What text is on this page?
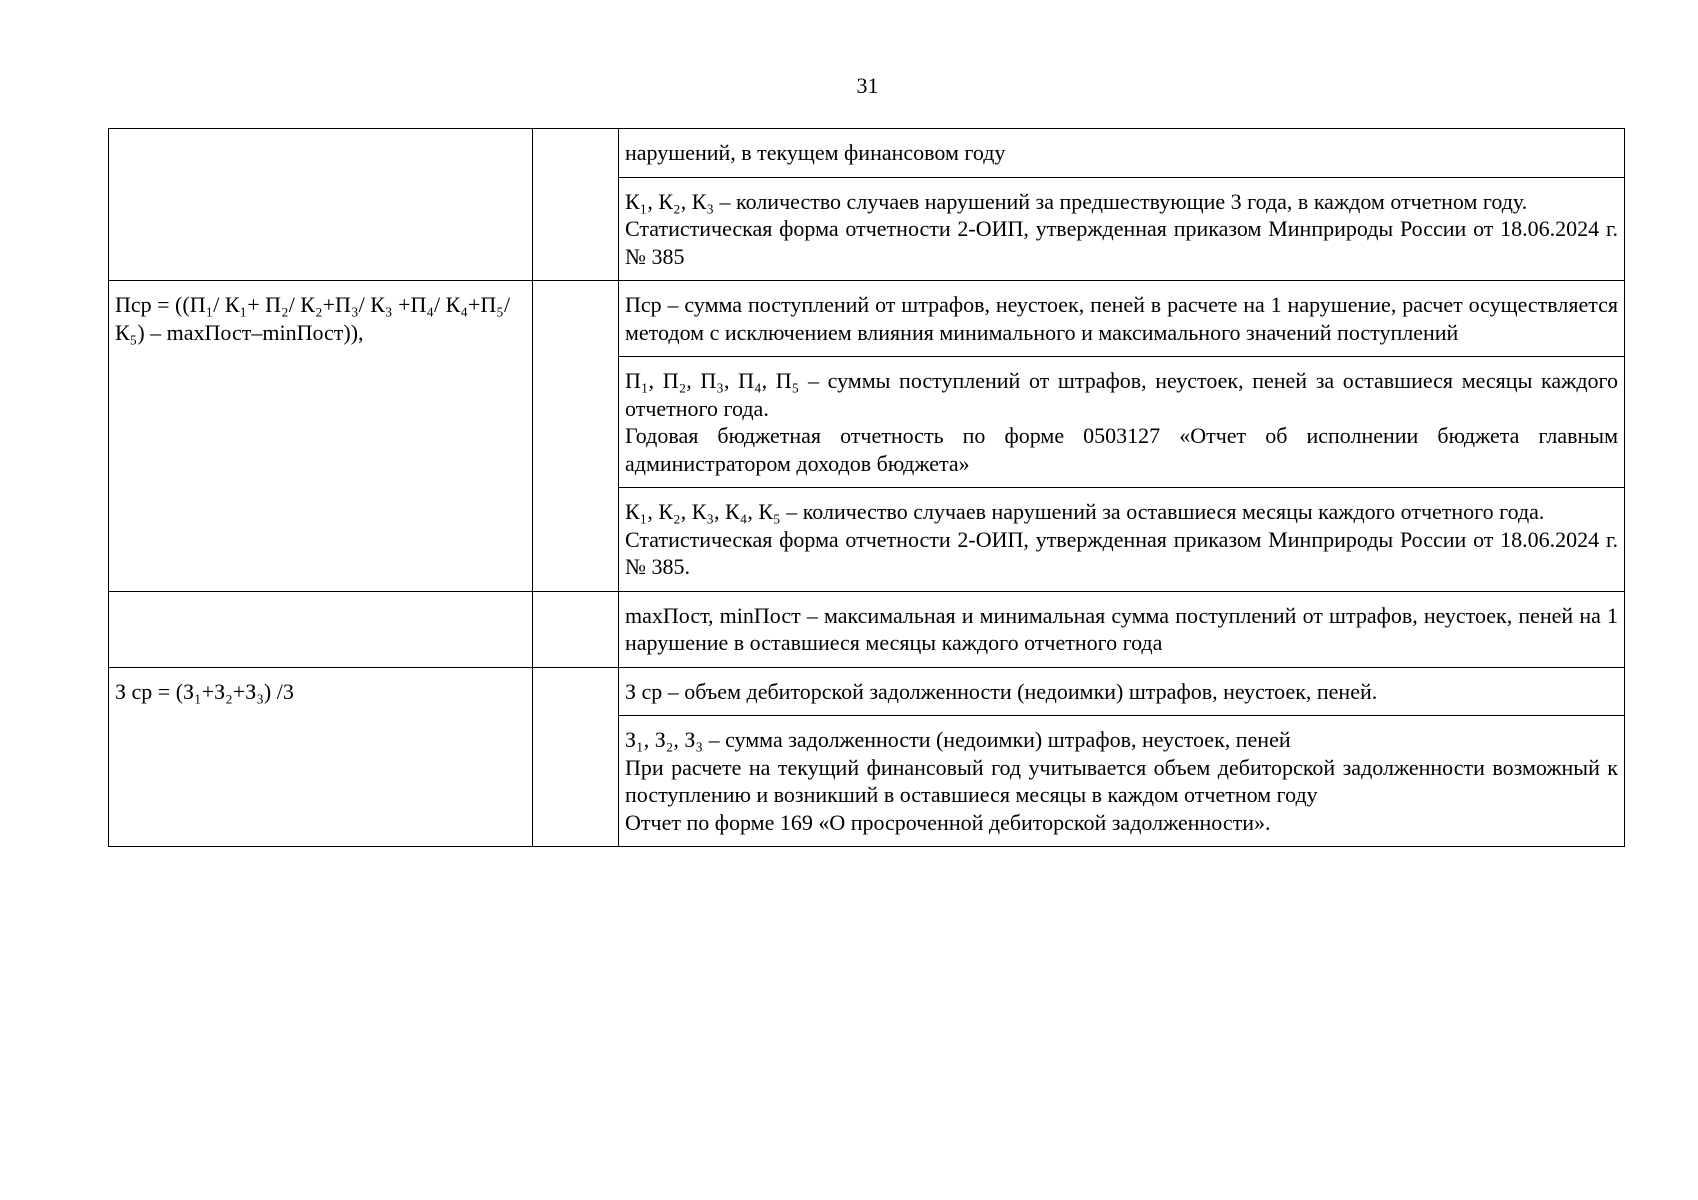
31

		нарушений, в текущем финансовом году

		К₁, К₂, К₃ – количество случаев нарушений за предшествующие 3 года, в каждом отчетном году.

Статистическая форма отчетности 2-ОИП, утвержденная приказом Минприроды России от 18.06.2024 г. № 385

Пср = ((П₁/ К₁+ П₂/ К₂+П₃/ К₃ +П₄/ К₄+П₅/ К₅) – maxПост–minПост)),		Пср – сумма поступлений от штрафов, неустоек, пеней в расчете на 1 нарушение, расчет осуществляется методом с исключением влияния минимального и максимального значений поступлений

		П₁, П₂, П₃, П₄, П₅ – суммы поступлений от штрафов, неустоек, пеней за оставшиеся месяцы каждого отчетного года.

Годовая бюджетная отчетность по форме 0503127 «Отчет об исполнении бюджета главным администратором доходов бюджета»

		К₁, К₂, К₃, К₄, К₅ – количество случаев нарушений за оставшиеся месяцы каждого отчетного года.

Статистическая форма отчетности 2-ОИП, утвержденная приказом Минприроды России от 18.06.2024 г. № 385.

		maxПост, minПост – максимальная и минимальная сумма поступлений от штрафов, неустоек, пеней на 1 нарушение в оставшиеся месяцы каждого отчетного года

З ср = (З₁+З₂+З₃) /3		З ср – объем дебиторской задолженности (недоимки) штрафов, неустоек, пеней.

		З₁, З₂, З₃ – сумма задолженности (недоимки) штрафов, неустоек, пеней

При расчете на текущий финансовый год учитывается объем дебиторской задолженности возможный к поступлению и возникший в оставшиеся месяцы в каждом отчетном году

Отчет по форме 169 «О просроченной дебиторской задолженности».
